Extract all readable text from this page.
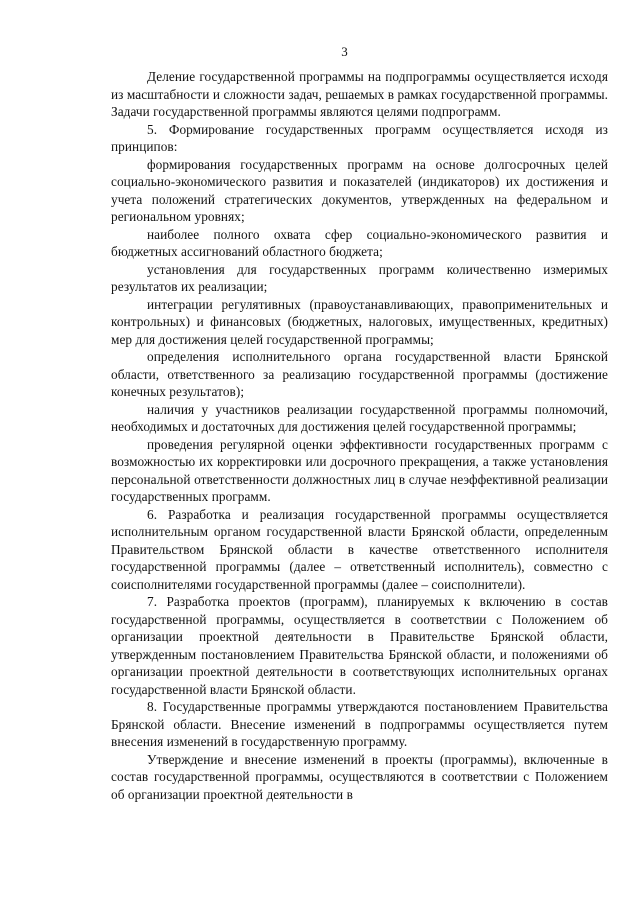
3

Деление государственной программы на подпрограммы осуществляется исходя из масштабности и сложности задач, решаемых в рамках государственной программы. Задачи государственной программы являются целями подпрограмм.

5. Формирование государственных программ осуществляется исходя из принципов:

формирования государственных программ на основе долгосрочных целей социально-экономического развития и показателей (индикаторов) их достижения и учета положений стратегических документов, утвержденных на федеральном и региональном уровнях;

наиболее полного охвата сфер социально-экономического развития и бюджетных ассигнований областного бюджета;

установления для государственных программ количественно измеримых результатов их реализации;

интеграции регулятивных (правоустанавливающих, правоприменительных и контрольных) и финансовых (бюджетных, налоговых, имущественных, кредитных) мер для достижения целей государственной программы;

определения исполнительного органа государственной власти Брянской области, ответственного за реализацию государственной программы (достижение конечных результатов);

наличия у участников реализации государственной программы полномочий, необходимых и достаточных для достижения целей государственной программы;

проведения регулярной оценки эффективности государственных программ с возможностью их корректировки или досрочного прекращения, а также установления персональной ответственности должностных лиц в случае неэффективной реализации государственных программ.

6. Разработка и реализация государственной программы осуществляется исполнительным органом государственной власти Брянской области, определенным Правительством Брянской области в качестве ответственного исполнителя государственной программы (далее – ответственный исполнитель), совместно с соисполнителями государственной программы (далее – соисполнители).

7. Разработка проектов (программ), планируемых к включению в состав государственной программы, осуществляется в соответствии с Положением об организации проектной деятельности в Правительстве Брянской области, утвержденным постановлением Правительства Брянской области, и положениями об организации проектной деятельности в соответствующих исполнительных органах государственной власти Брянской области.

8. Государственные программы утверждаются постановлением Правительства Брянской области. Внесение изменений в подпрограммы осуществляется путем внесения изменений в государственную программу.

Утверждение и внесение изменений в проекты (программы), включенные в состав государственной программы, осуществляются в соответствии с Положением об организации проектной деятельности в
